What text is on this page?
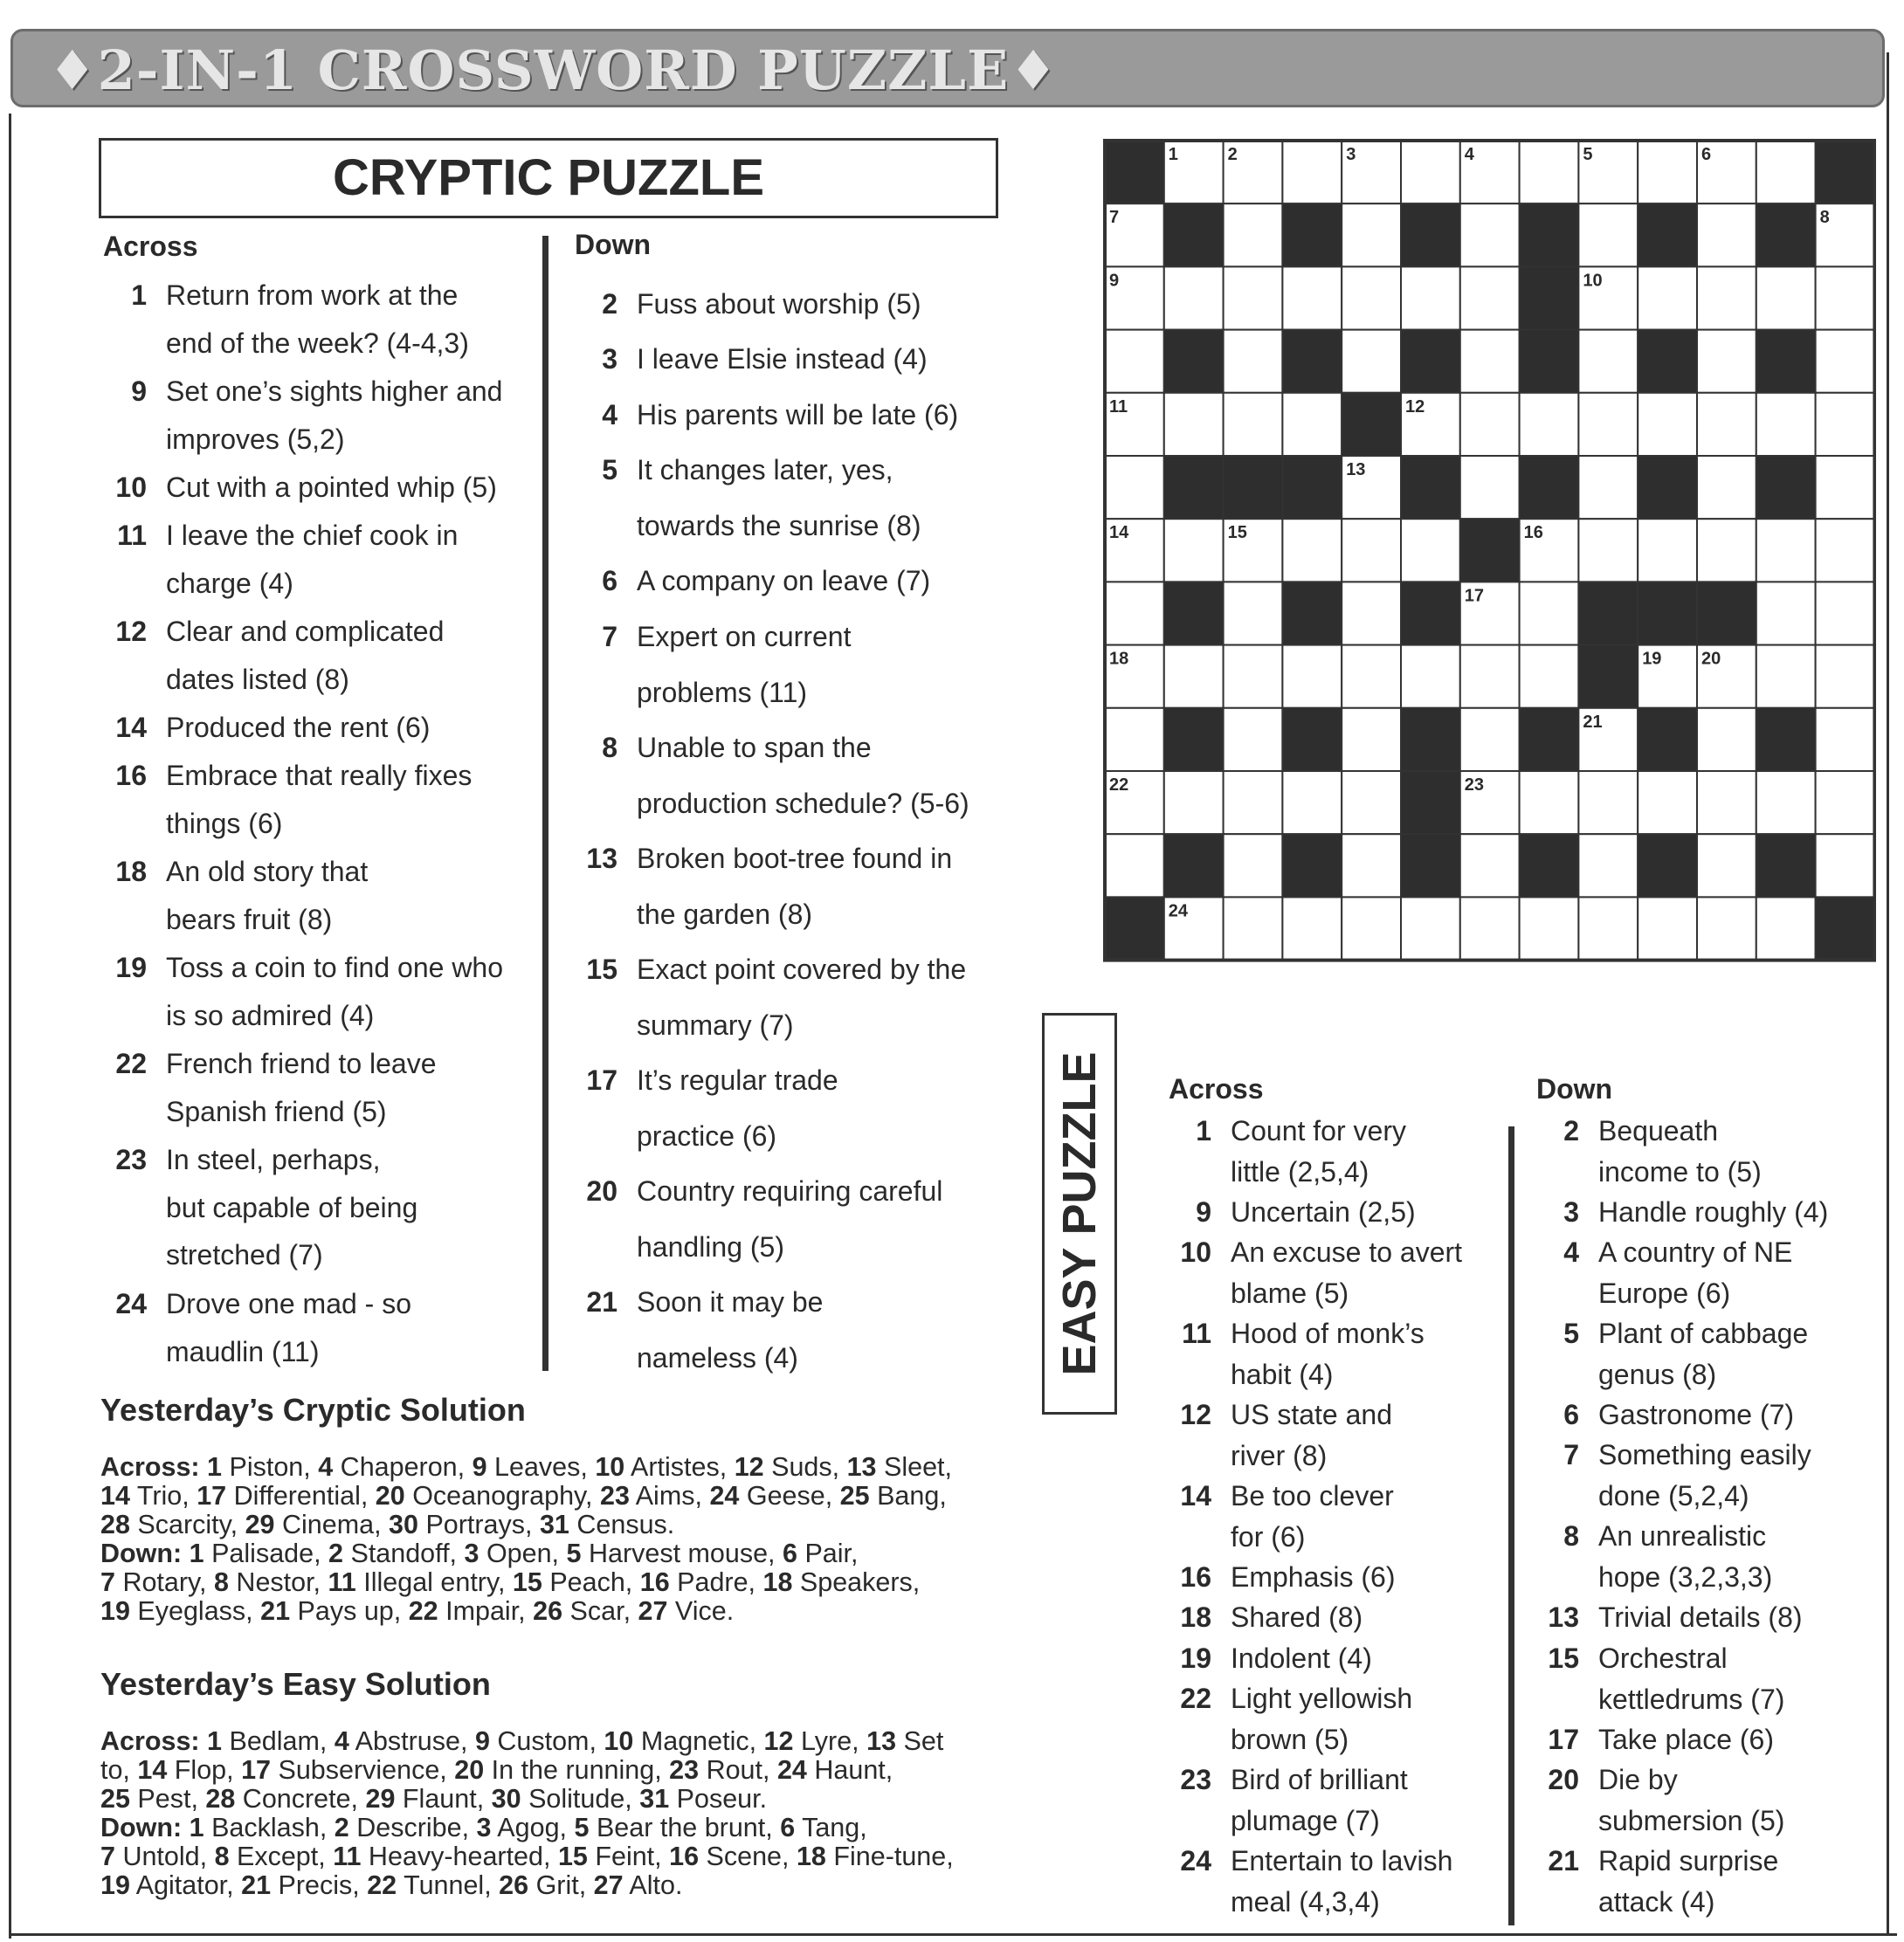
♦2-IN-1 CROSSWORD PUZZLE♦
CRYPTIC PUZZLE
Across	Down
1 Return from work at the
end of the week? (4-4,3)
9 Set one’s sights higher and
improves (5,2)
10 Cut with a pointed whip (5)
11 I leave the chief cook in
charge (4)
12 Clear and complicated
dates listed (8)
14 Produced the rent (6)
16 Embrace that really fixes
things (6)
18 An old story that
bears fruit (8)
19 Toss a coin to find one who
is so admired (4)
22 French friend to leave
Spanish friend (5)
23 In steel, perhaps,
but capable of being
stretched (7)
24 Drove one mad - so
maudlin (11)
2 Fuss about worship (5)
3 I leave Elsie instead (4)
4 His parents will be late (6)
5 It changes later, yes,
towards the sunrise (8)
6 A company on leave (7)
7 Expert on current
problems (11)
8 Unable to span the
production schedule? (5-6)
13 Broken boot-tree found in
the garden (8)
15 Exact point covered by the
summary (7)
17 It’s regular trade
practice (6)
20 Country requiring careful
handling (5)
21 Soon it may be
nameless (4)
Yesterday’s Cryptic Solution
Across: 1 Piston, 4 Chaperon, 9 Leaves, 10 Artistes, 12 Suds, 13 Sleet,
14 Trio, 17 Differential, 20 Oceanography, 23 Aims, 24 Geese, 25 Bang,
28 Scarcity, 29 Cinema, 30 Portrays, 31 Census.
Down: 1 Palisade, 2 Standoff, 3 Open, 5 Harvest mouse, 6 Pair,
7 Rotary, 8 Nestor, 11 Illegal entry, 15 Peach, 16 Padre, 18 Speakers,
19 Eyeglass, 21 Pays up, 22 Impair, 26 Scar, 27 Vice.
Yesterday’s Easy Solution
Across: 1 Bedlam, 4 Abstruse, 9 Custom, 10 Magnetic, 12 Lyre, 13 Set
to, 14 Flop, 17 Subservience, 20 In the running, 23 Rout, 24 Haunt,
25 Pest, 28 Concrete, 29 Flaunt, 30 Solitude, 31 Poseur.
Down: 1 Backlash, 2 Describe, 3 Agog, 5 Bear the brunt, 6 Tang,
7 Untold, 8 Except, 11 Heavy-hearted, 15 Feint, 16 Scene, 18 Fine-tune,
19 Agitator, 21 Precis, 22 Tunnel, 26 Grit, 27 Alto.
EASY PUZZLE Across	Down
1 Count for very
little (2,5,4)
9 Uncertain (2,5)
10 An excuse to avert
blame (5)
11 Hood of monk’s
habit (4)
12 US state and
river (8)
14 Be too clever
for (6)
16 Emphasis (6)
18 Shared (8)
19 Indolent (4)
22 Light yellowish
brown (5)
23 Bird of brilliant
plumage (7)
24 Entertain to lavish
meal (4,3,4)
2 Bequeath
income to (5)
3 Handle roughly (4)
4 A country of NE
Europe (6)
5 Plant of cabbage
genus (8)
6 Gastronome (7)
7 Something easily
done (5,2,4)
8 An unrealistic
hope (3,2,3,3)
13 Trivial details (8)
15 Orchestral
kettledrums (7)
17 Take place (6)
20 Die by
submersion (5)
21 Rapid surprise
attack (4)
1	2	3	4	5	6
7	8
9	10
11	12
13
14	15	16
17
18	19 20
21
22	23
24
